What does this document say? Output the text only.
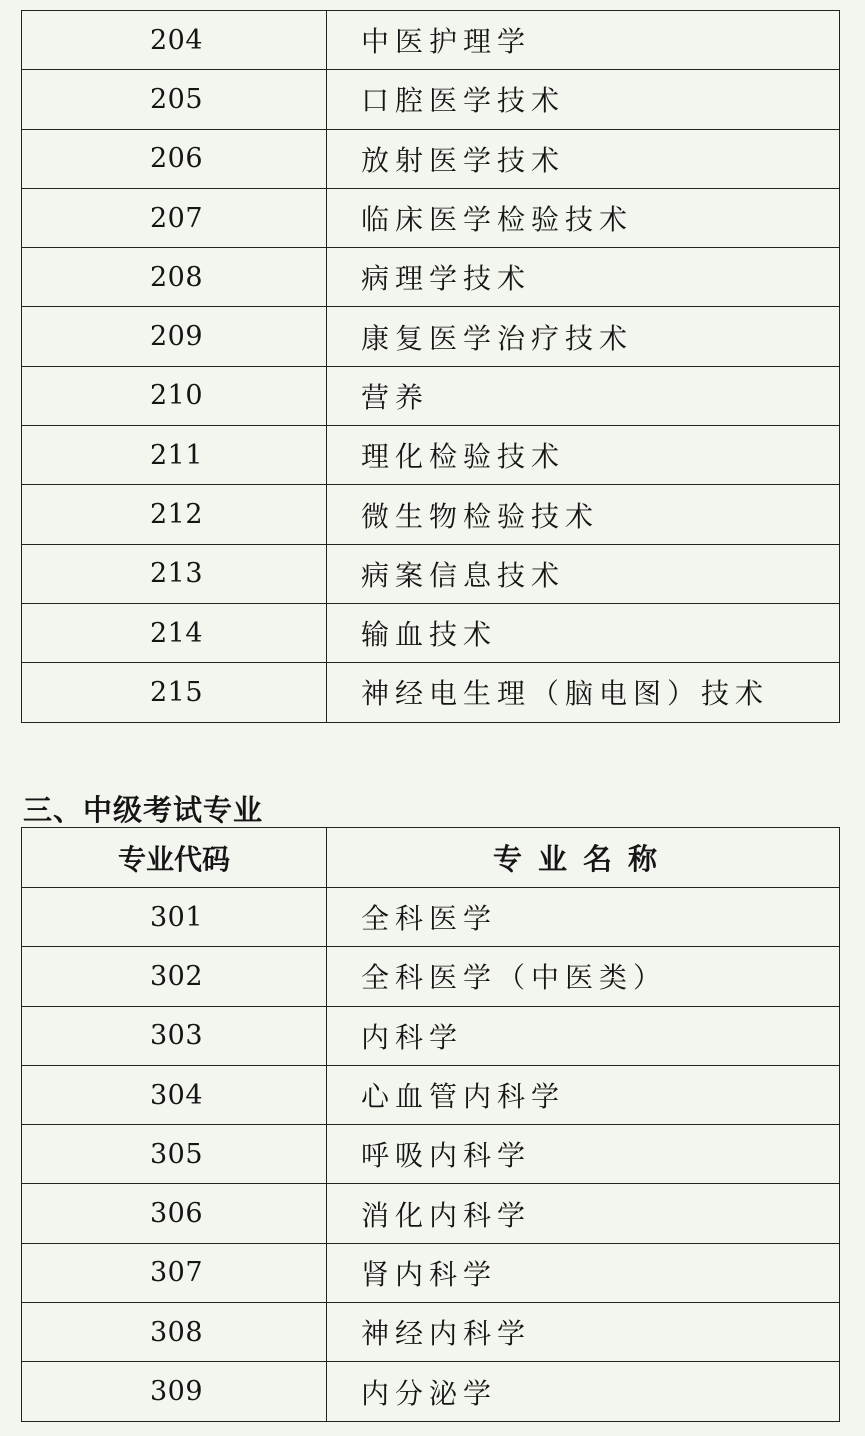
204	中医护理学
205	口腔医学技术
206	放射医学技术
207	临床医学检验技术
208	病理学技术
209	康复医学治疗技术
210	营养
211	理化检验技术
212	微生物检验技术
213	病案信息技术
214	输血技术
215	神经电生理（脑电图）技术
三、中级考试专业
专业代码	专业名称
301	全科医学
302	全科医学（中医类）
303	内科学
304	心血管内科学
305	呼吸内科学
306	消化内科学
307	肾内科学
308	神经内科学
309	内分泌学
